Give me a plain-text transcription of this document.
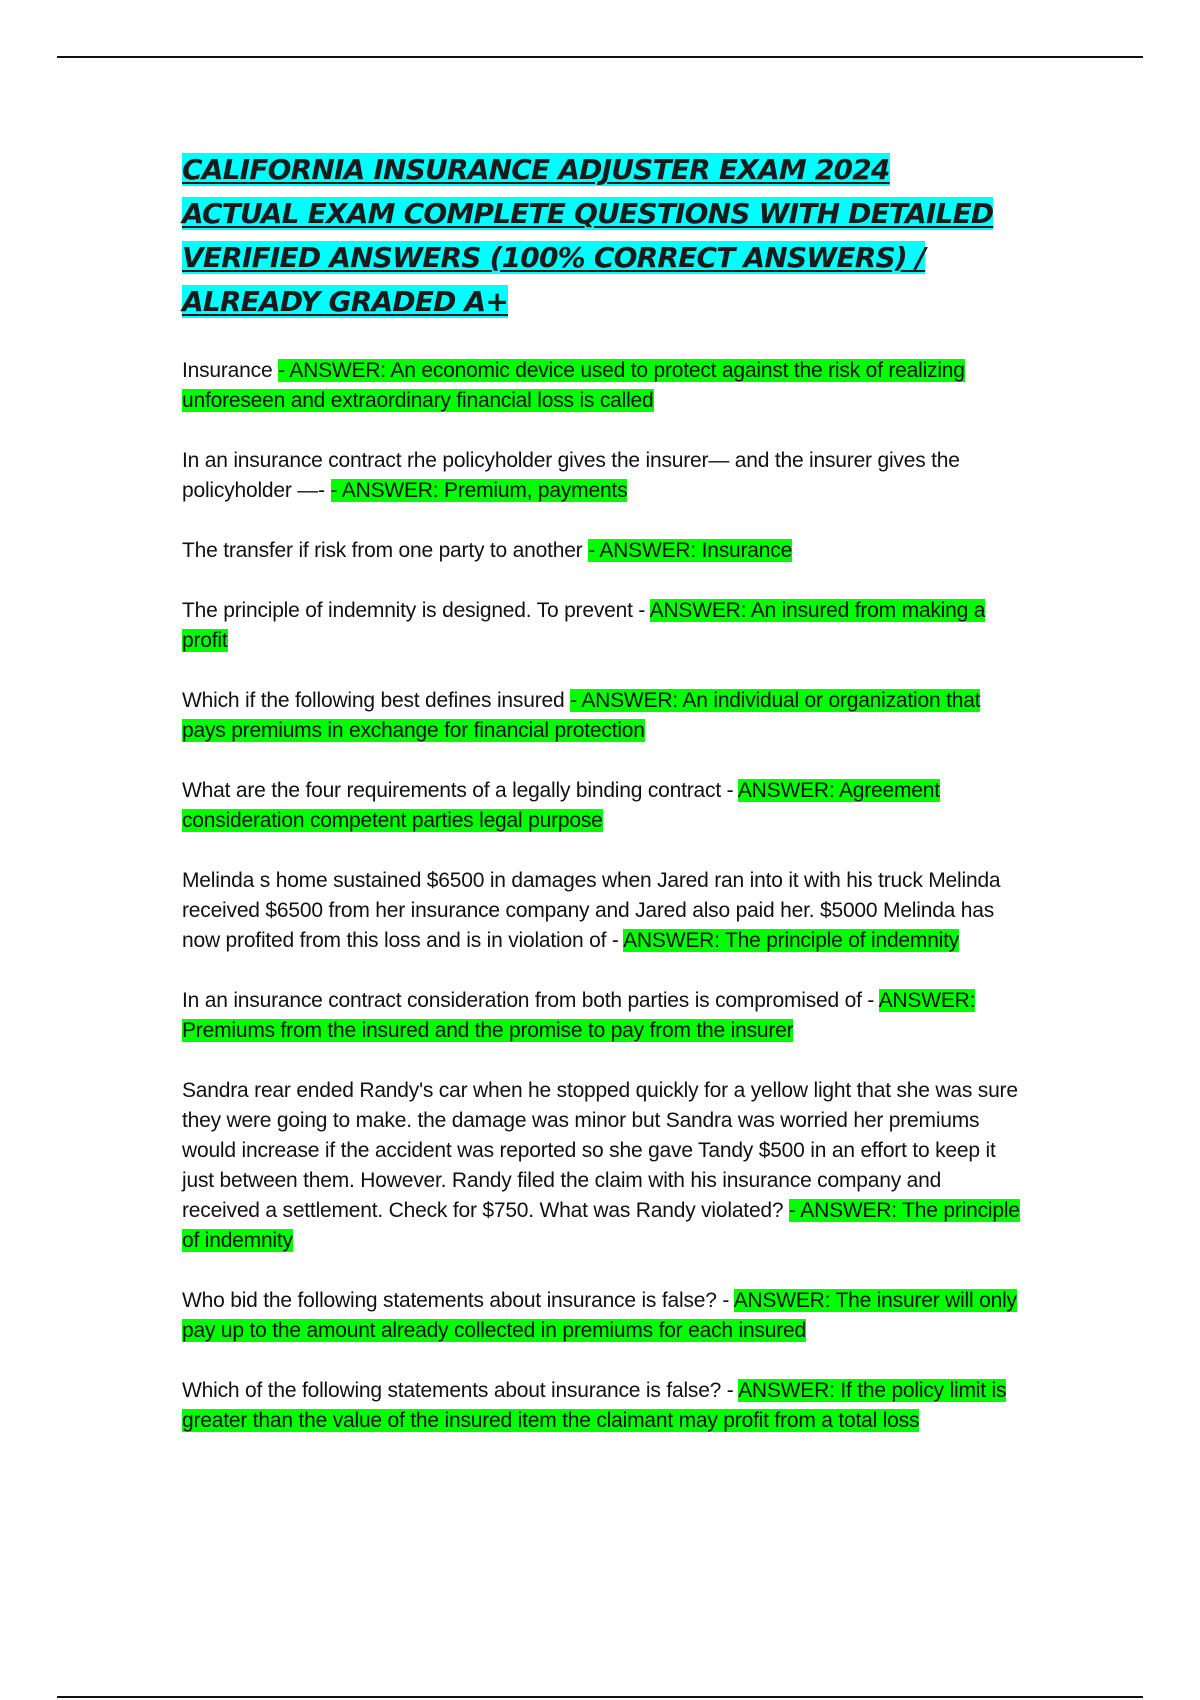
CALIFORNIA INSURANCE ADJUSTER EXAM 2024
ACTUAL EXAM COMPLETE QUESTIONS WITH DETAILED
VERIFIED ANSWERS (100% CORRECT ANSWERS) /
ALREADY GRADED A+

Insurance - ANSWER: An economic device used to protect against the risk of realizing unforeseen and extraordinary financial loss is called

In an insurance contract rhe policyholder gives the insurer— and the insurer gives the policyholder —- - ANSWER: Premium, payments

The transfer if risk from one party to another - ANSWER: Insurance

The principle of indemnity is designed. To prevent - ANSWER: An insured from making a profit

Which if the following best defines insured - ANSWER: An individual or organization that pays premiums in exchange for financial protection

What are the four requirements of a legally binding contract - ANSWER: Agreement consideration competent parties legal purpose

Melinda s home sustained $6500 in damages when Jared ran into it with his truck Melinda received $6500 from her insurance company and Jared also paid her. $5000 Melinda has now profited from this loss and is in violation of - ANSWER: The principle of indemnity

In an insurance contract consideration from both parties is compromised of - ANSWER: Premiums from the insured and the promise to pay from the insurer

Sandra rear ended Randy's car when he stopped quickly for a yellow light that she was sure they were going to make. the damage was minor but Sandra was worried her premiums would increase if the accident was reported so she gave Tandy $500 in an effort to keep it just between them. However. Randy filed the claim with his insurance company and received a settlement. Check for $750. What was Randy violated? - ANSWER: The principle of indemnity

Who bid the following statements about insurance is false? - ANSWER: The insurer will only pay up to the amount already collected in premiums for each insured

Which of the following statements about insurance is false? - ANSWER: If the policy limit is greater than the value of the insured item the claimant may profit from a total loss
